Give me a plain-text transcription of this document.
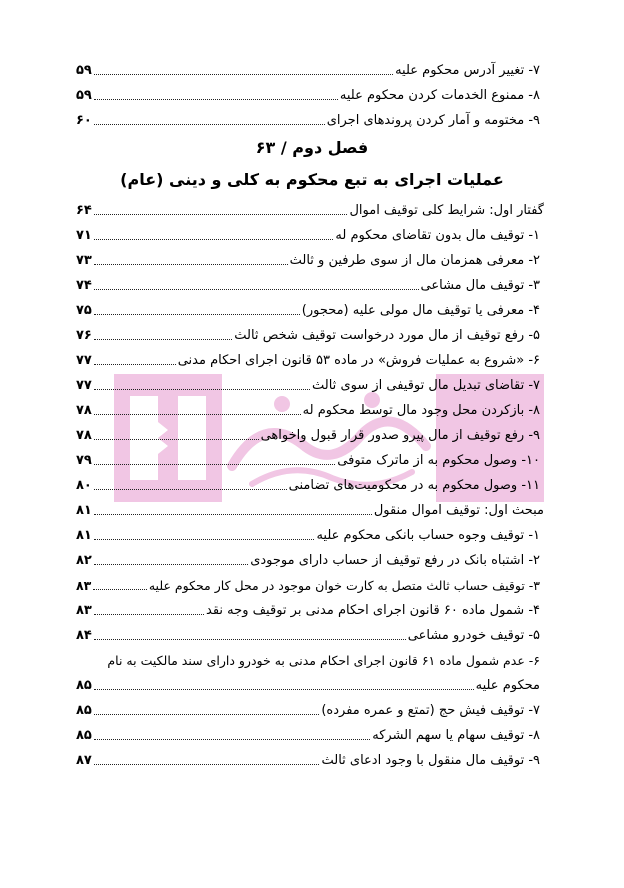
۷- تغییر آدرس محکوم علیه
۵۹
۸- ممنوع الخدمات کردن محکوم علیه
۵۹
۹- مختومه و آمار کردن پروندهای اجرای
۶۰
فصل دوم / ۶۳
عملیات اجرای به تبع محکوم به کلی و دینی (عام)
گفتار اول: شرایط کلی توقیف اموال
۶۴
۱- توقیف مال بدون تقاضای محکوم له
۷۱
۲- معرفی همزمان مال از سوی طرفین و ثالث
۷۳
۳- توقیف مال مشاعی
۷۴
۴- معرفی یا توقیف مال مولی علیه (محجور)
۷۵
۵- رفع توقیف از مال مورد درخواست توقیف شخص ثالث
۷۶
۶- «شروع به عملیات فروش» در ماده ۵۳ قانون اجرای احکام مدنی
۷۷
۷- تقاضای تبدیل مال توقیفی از سوی ثالث
۷۷
۸- بازکردن محل وجود مال توسط محکوم له
۷۸
۹- رفع توقیف از مال پیرو صدور قرار قبول واخواهی
۷۸
۱۰- وصول محکوم به از ماترک متوفی
۷۹
۱۱- وصول محکوم به در محکومیت‌های تضامنی
۸۰
مبحث اول: توقیف اموال منقول
۸۱
۱- توقیف وجوه حساب بانکی محکوم علیه
۸۱
۲- اشتباه بانک در رفع توقیف از حساب دارای موجودی
۸۲
۳- توقیف حساب ثالث متصل به کارت خوان موجود در محل کار محکوم علیه
۸۳
۴- شمول ماده ۶۰ قانون اجرای احکام مدنی بر توقیف وجه نقد
۸۳
۵- توقیف خودرو مشاعی
۸۴
۶- عدم شمول ماده ۶۱ قانون اجرای احکام مدنی به خودرو دارای سند مالکیت به نام
محکوم علیه
۸۵
۷- توقیف فیش حج (تمتع و عمره مفرده)
۸۵
۸- توقیف سهام یا سهم الشرکه
۸۵
۹- توقیف مال منقول با وجود ادعای ثالث
۸۷
